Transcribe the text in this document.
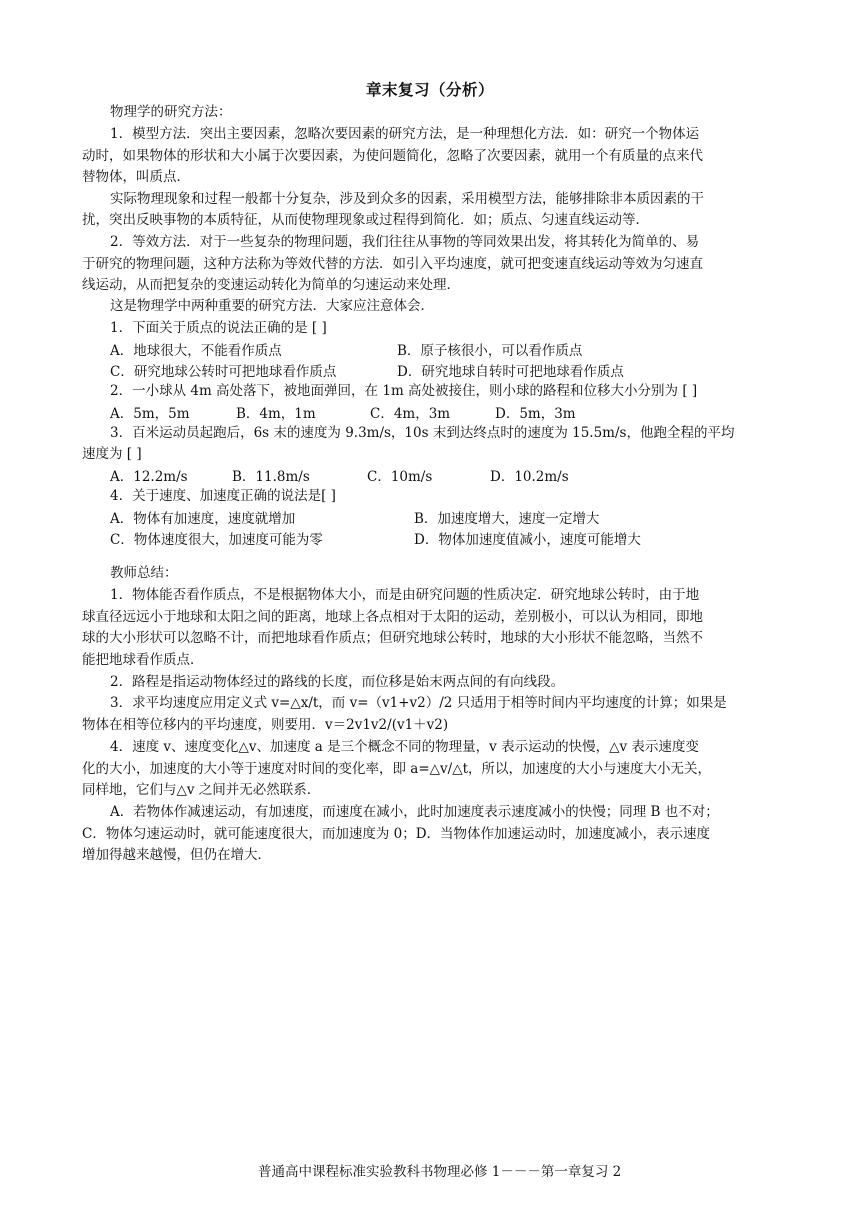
章末复习（分析）
物理学的研究方法：
1．模型方法．突出主要因素，忽略次要因素的研究方法，是一种理想化方法．如：研究一个物体运
动时，如果物体的形状和大小属于次要因素，为使问题简化，忽略了次要因素，就用一个有质量的点来代
替物体，叫质点．
实际物理现象和过程一般都十分复杂，涉及到众多的因素，采用模型方法，能够排除非本质因素的干
扰，突出反映事物的本质特征，从而使物理现象或过程得到简化．如；质点、匀速直线运动等．
2．等效方法．对于一些复杂的物理问题，我们往往从事物的等同效果出发，将其转化为简单的、易
于研究的物理问题，这种方法称为等效代替的方法．如引入平均速度，就可把变速直线运动等效为匀速直
线运动，从而把复杂的变速运动转化为简单的匀速运动来处理．
这是物理学中两种重要的研究方法．大家应注意体会．
1．下面关于质点的说法正确的是 [ ]
A．地球很大，不能看作质点	B．原子核很小，可以看作质点
C．研究地球公转时可把地球看作质点	D．研究地球自转时可把地球看作质点
2．一小球从 4m 高处落下，被地面弹回，在 1m 高处被接住，则小球的路程和位移大小分别为 [ ]
A．5m，5m	B．4m，1m	C．4m，3m	D．5m，3m
3．百米运动员起跑后，6s 末的速度为 9.3m/s，10s 末到达终点时的速度为 15.5m/s，他跑全程的平均
速度为 [ ]
A．12.2m/s	B．11.8m/s	C．10m/s	D．10.2m/s
4．关于速度、加速度正确的说法是[ ]
A．物体有加速度，速度就增加	B．加速度增大，速度一定增大
C．物体速度很大，加速度可能为零	D．物体加速度值减小，速度可能增大
教师总结：
1．物体能否看作质点，不是根据物体大小，而是由研究问题的性质决定．研究地球公转时，由于地
球直径远远小于地球和太阳之间的距离，地球上各点相对于太阳的运动，差别极小，可以认为相同，即地
球的大小形状可以忽略不计，而把地球看作质点；但研究地球公转时，地球的大小形状不能忽略，当然不
能把地球看作质点．
2．路程是指运动物体经过的路线的长度，而位移是始末两点间的有向线段。
3．求平均速度应用定义式 v=△x/t，而 v=（v1+v2）/2 只适用于相等时间内平均速度的计算；如果是
物体在相等位移内的平均速度，则要用．v＝2v1v2/(v1＋v2)
4．速度 v、速度变化△v、加速度 a 是三个概念不同的物理量，v 表示运动的快慢，△v 表示速度变
化的大小，加速度的大小等于速度对时间的变化率，即 a=△v/△t，所以，加速度的大小与速度大小无关，
同样地，它们与△v 之间并无必然联系．
A．若物体作减速运动，有加速度，而速度在减小，此时加速度表示速度减小的快慢；同理 B 也不对；
C．物体匀速运动时，就可能速度很大，而加速度为 0；D．当物体作加速运动时，加速度减小，表示速度
增加得越来越慢，但仍在增大．
普通高中课程标准实验教科书物理必修 1－－－第一章复习 2
